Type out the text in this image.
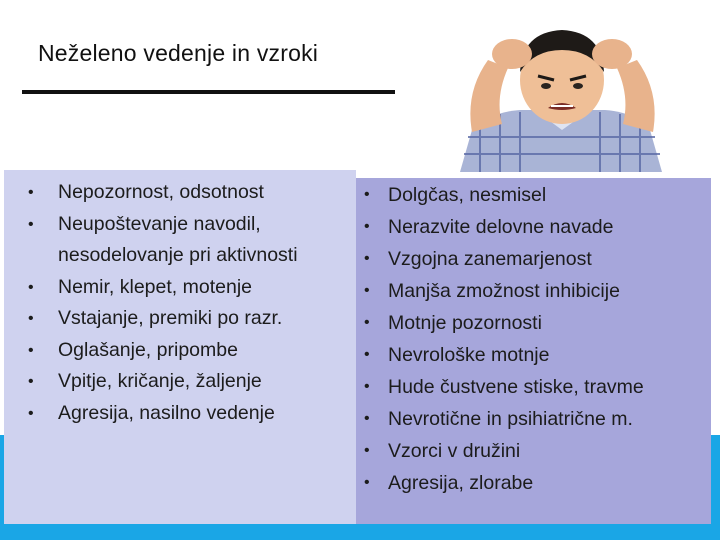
Neželeno vedenje in vzroki
• Nepozornost, odsotnost
• Neupoštevanje navodil,
nesodelovanje pri aktivnosti
• Nemir, klepet, motenje
• Vstajanje, premiki po razr.
• Oglašanje, pripombe
• Vpitje, kričanje, žaljenje
• Agresija, nasilno vedenje
• Dolgčas, nesmisel
• Nerazvite delovne navade
• Vzgojna zanemarjenost
• Manjša zmožnost inhibicije
• Motnje pozornosti
• Nevrološke motnje
• Hude čustvene stiske, travme
• Nevrotične in psihiatrične m.
• Vzorci v družini
• Agresija, zlorabe
